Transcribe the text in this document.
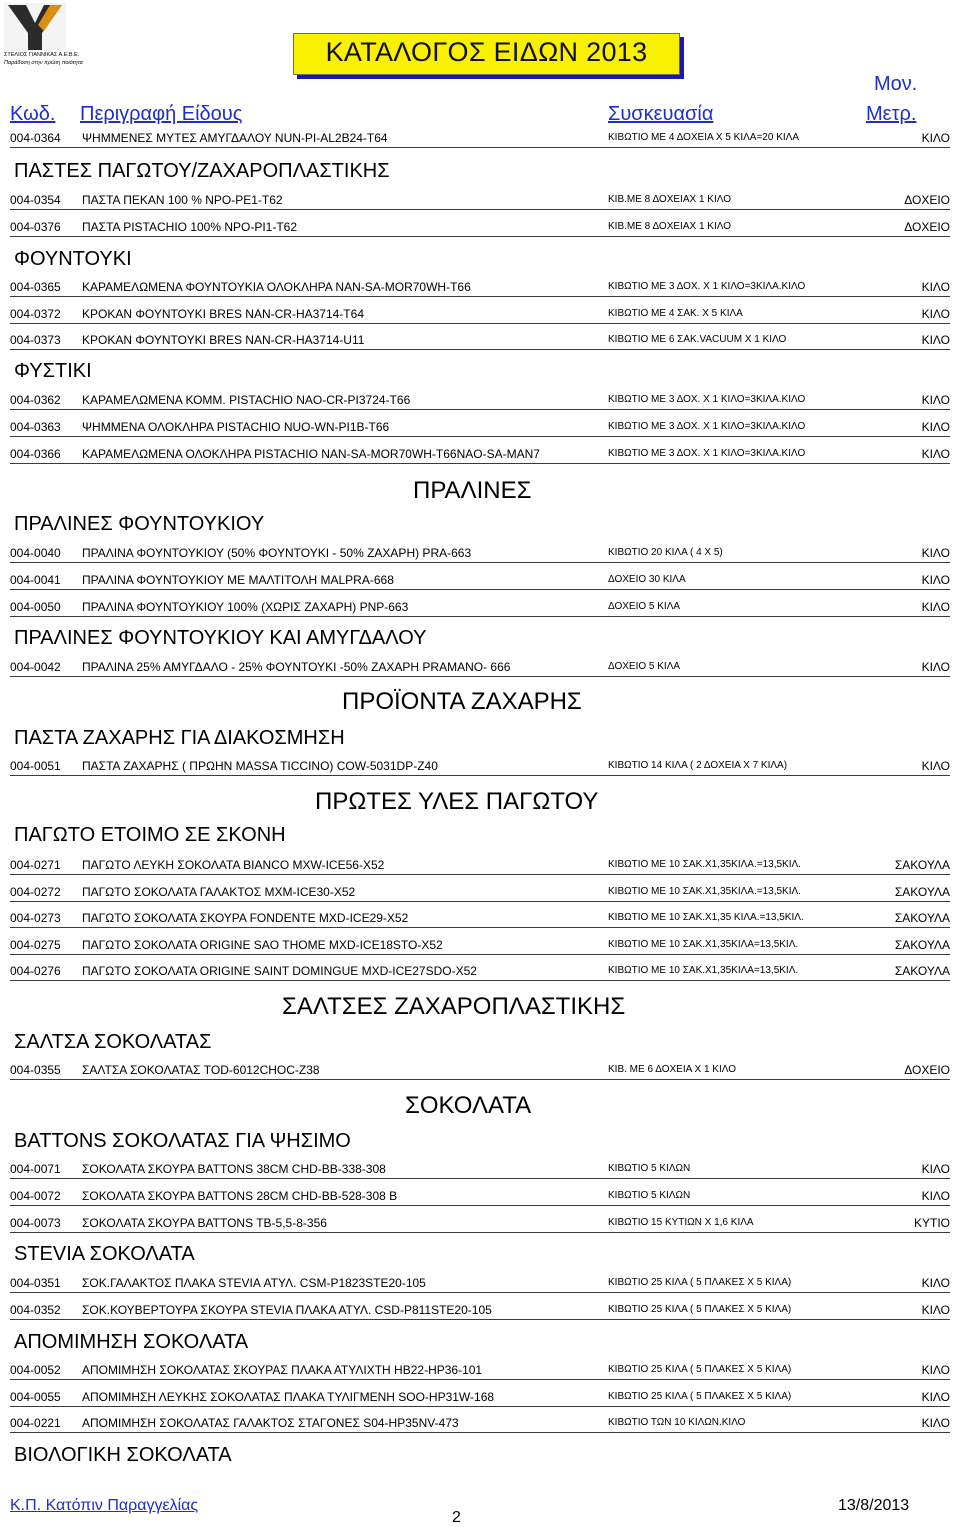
ΣΤΕΛΙΟΣ ΓΙΑΝΝΙΚΑΣ Α.Ε.Β.Ε.
Παράδοση στην πρώτη ποιότητα	ΚΑΤΑΛΟΓΟΣ ΕΙΔΩΝ 2013
Κωδ. Περιγραφή Είδους	Συσκευασία
Μον.
Μετρ.
ΠΑΣΤΕΣ ΠΑΓΩΤΟΥ/ΖΑΧΑΡΟΠΛΑΣΤΙΚΗΣ
ΦΟΥΝΤΟΥΚΙ
ΦΥΣΤΙΚΙ
ΠΡΑΛΙΝΕΣ ΦΟΥΝΤΟΥΚΙΟΥ
ΠΡΑΛΙΝΕΣ ΦΟΥΝΤΟΥΚΙΟΥ ΚΑΙ ΑΜΥΓΔΑΛΟΥ
ΠΑΣΤΑ ΖΑΧΑΡΗΣ ΓΙΑ ΔΙΑΚΟΣΜΗΣΗ
ΠΑΓΩΤΟ ΕΤΟΙΜΟ ΣΕ ΣΚΟΝΗ
ΣΑΛΤΣΑ ΣΟΚΟΛΑΤΑΣ
BATTONS ΣΟΚΟΛΑΤΑΣ ΓΙΑ ΨΗΣΙΜΟ
STEVIA ΣΟΚΟΛΑΤΑ
ΑΠΟΜΙΜΗΣΗ ΣΟΚΟΛΑΤΑ
ΒΙΟΛΟΓΙΚΗ ΣΟΚΟΛΑΤΑ
ΠΡΑΛΙΝΕΣ
ΠΡΟΪΟΝΤΑ ΖΑΧΑΡΗΣ
ΠΡΩΤΕΣ ΥΛΕΣ ΠΑΓΩΤΟΥ
ΣΑΛΤΣΕΣ ΖΑΧΑΡΟΠΛΑΣΤΙΚΗΣ
ΣΟΚΟΛΑΤΑ
004-0364 ΨΗΜΜΕΝΕΣ ΜΥΤΕΣ ΑΜΥΓΔΑΛΟΥ NUN-PI-AL2B24-T64	ΚΙΒΩΤΙΟ ΜΕ 4 ΔΟΧΕΙΑ Χ 5 ΚΙΛΑ=20 ΚΙΛΑ	ΚΙΛΟ
004-0354 ΠΑΣΤΑ ΠΕΚΑΝ 100 % NPO-PE1-T62	ΚΙΒ.ΜΕ 8 ΔΟΧΕΙΑΧ 1 ΚΙΛΟ	ΔΟΧΕΙΟ
004-0376 ΠΑΣΤΑ PISTACHIO 100% NPO-PI1-T62	ΚΙΒ.ΜΕ 8 ΔΟΧΕΙΑΧ 1 ΚΙΛΟ	ΔΟΧΕΙΟ
004-0365 ΚΑΡΑΜΕΛΩΜΕΝΑ ΦΟΥΝΤΟΥΚΙΑ ΟΛΟΚΛΗΡΑ NAN-SA-MOR70WH-T66	ΚΙΒΩΤΙΟ ΜΕ 3 ΔΟΧ. Χ 1 ΚΙΛΟ=3ΚΙΛΑ.ΚΙΛΟ	ΚΙΛΟ
004-0372 ΚΡΟΚΑΝ ΦΟΥΝΤΟΥΚΙ BRES NAN-CR-HA3714-T64	ΚΙΒΩΤΙΟ ΜΕ 4 ΣΑΚ. Χ 5 ΚΙΛΑ	ΚΙΛΟ
004-0373 ΚΡΟΚΑΝ ΦΟΥΝΤΟΥΚΙ BRES NAN-CR-HA3714-U11	ΚΙΒΩΤΙΟ ΜΕ 6 ΣΑΚ.VACUUM Χ 1 ΚΙΛΟ	ΚΙΛΟ
004-0362 ΚΑΡΑΜΕΛΩΜΕΝΑ ΚΟΜΜ. PISTACHIO NAO-CR-PI3724-T66	ΚΙΒΩΤΙΟ ΜΕ 3 ΔΟΧ. Χ 1 ΚΙΛΟ=3ΚΙΛΑ.ΚΙΛΟ	ΚΙΛΟ
004-0363 ΨΗΜΜΕΝΑ ΟΛΟΚΛΗΡΑ PISTACHIO NUO-WN-PI1B-T66	ΚΙΒΩΤΙΟ ΜΕ 3 ΔΟΧ. Χ 1 ΚΙΛΟ=3ΚΙΛΑ.ΚΙΛΟ	ΚΙΛΟ
004-0366 ΚΑΡΑΜΕΛΩΜΕΝΑ ΟΛΟΚΛΗΡΑ PISTACHIO NAN-SA-MOR70WH-T66NAO-SA-MAN7	ΚΙΒΩΤΙΟ ΜΕ 3 ΔΟΧ. Χ 1 ΚΙΛΟ=3ΚΙΛΑ.ΚΙΛΟ	ΚΙΛΟ
004-0040 ΠΡΑΛΙΝΑ ΦΟΥΝΤΟΥΚΙΟΥ (50% ΦΟΥΝΤΟΥΚΙ - 50% ΖΑΧΑΡΗ) PRA-663	ΚΙΒΩΤΙΟ 20 ΚΙΛΑ ( 4 Χ 5)	ΚΙΛΟ
004-0041 ΠΡΑΛΙΝΑ ΦΟΥΝΤΟΥΚΙΟΥ ΜΕ ΜΑΛΤΙΤΟΛΗ MALPRA-668	ΔΟΧΕΙΟ 30 ΚΙΛΑ	ΚΙΛΟ
004-0050 ΠΡΑΛΙΝΑ ΦΟΥΝΤΟΥΚΙΟΥ 100% (ΧΩΡΙΣ ΖΑΧΑΡΗ) PNP-663	ΔΟΧΕΙΟ 5 ΚΙΛΑ	ΚΙΛΟ
004-0042 ΠΡΑΛΙΝΑ 25% ΑΜΥΓΔΑΛΟ - 25% ΦΟΥΝΤΟΥΚΙ -50% ΖΑΧΑΡΗ PRAMANO- 666	ΔΟΧΕΙΟ 5 ΚΙΛΑ	ΚΙΛΟ
004-0051 ΠΑΣΤΑ ΖΑΧΑΡΗΣ ( ΠΡΩΗΝ MASSA TICCINO) COW-5031DP-Z40	ΚΙΒΩΤΙΟ 14 ΚΙΛΑ ( 2 ΔΟΧΕΙΑ Χ 7 ΚΙΛΑ)	ΚΙΛΟ
004-0271 ΠΑΓΩΤΟ ΛΕΥΚΗ ΣΟΚΟΛΑΤΑ BIANCO MXW-ICE56-X52	ΚΙΒΩΤΙΟ ΜΕ 10 ΣΑΚ.Χ1,35ΚΙΛΑ.=13,5ΚΙΛ.	ΣΑΚΟΥΛΑ
004-0272 ΠΑΓΩΤΟ ΣΟΚΟΛΑΤΑ ΓΑΛΑΚΤΟΣ MXM-ICE30-X52	ΚΙΒΩΤΙΟ ΜΕ 10 ΣΑΚ.Χ1,35ΚΙΛΑ.=13,5ΚΙΛ.	ΣΑΚΟΥΛΑ
004-0273 ΠΑΓΩΤΟ ΣΟΚΟΛΑΤΑ ΣΚΟΥΡΑ FONDENTE MXD-ICE29-X52	ΚΙΒΩΤΙΟ ΜΕ 10 ΣΑΚ.Χ1,35 ΚΙΛΑ.=13,5ΚΙΛ.	ΣΑΚΟΥΛΑ
004-0275 ΠΑΓΩΤΟ ΣΟΚΟΛΑΤΑ ORIGINE SAO THOME MXD-ICE18STO-X52	ΚΙΒΩΤΙΟ ΜΕ 10 ΣΑΚ.Χ1,35ΚΙΛΑ=13,5ΚΙΛ.	ΣΑΚΟΥΛΑ
004-0276 ΠΑΓΩΤΟ ΣΟΚΟΛΑΤΑ ORIGINE SAINT DOMINGUE MXD-ICE27SDO-X52	ΚΙΒΩΤΙΟ ΜΕ 10 ΣΑΚ.Χ1,35ΚΙΛΑ=13,5ΚΙΛ.	ΣΑΚΟΥΛΑ
004-0355 ΣΑΛΤΣΑ ΣΟΚΟΛΑΤΑΣ TOD-6012CHOC-Z38	ΚΙΒ. ΜΕ 6 ΔΟΧΕΙΑ Χ 1 ΚΙΛΟ	ΔΟΧΕΙΟ
004-0071 ΣΟΚΟΛΑΤΑ ΣΚΟΥΡΑ BATTONS 38CM CHD-BB-338-308	ΚΙΒΩΤΙΟ 5 ΚΙΛΩΝ	ΚΙΛΟ
004-0072 ΣΟΚΟΛΑΤΑ ΣΚΟΥΡΑ BATTONS 28CM CHD-BB-528-308 B	ΚΙΒΩΤΙΟ 5 ΚΙΛΩΝ	ΚΙΛΟ
004-0073 ΣΟΚΟΛΑΤΑ ΣΚΟΥΡΑ BATTONS TB-5,5-8-356	ΚΙΒΩΤΙΟ 15 ΚΥΤΙΩΝ Χ 1,6 ΚΙΛΑ	ΚΥΤΙΟ
004-0351 ΣΟΚ.ΓΑΛΑΚΤΟΣ ΠΛΑΚΑ STEVIA ΑΤΥΛ. CSM-P1823STE20-105	ΚΙΒΩΤΙΟ 25 ΚΙΛΑ ( 5 ΠΛΑΚΕΣ Χ 5 ΚΙΛΑ)	ΚΙΛΟ
004-0352 ΣΟΚ.ΚΟΥΒΕΡΤΟΥΡΑ ΣΚΟΥΡΑ STEVIA ΠΛΑΚΑ ΑΤΥΛ. CSD-P811STE20-105	ΚΙΒΩΤΙΟ 25 ΚΙΛΑ ( 5 ΠΛΑΚΕΣ Χ 5 ΚΙΛΑ)	ΚΙΛΟ
004-0052 ΑΠΟΜΙΜΗΣΗ ΣΟΚΟΛΑΤΑΣ ΣΚΟΥΡΑΣ ΠΛΑΚΑ ΑΤΥΛΙΧΤΗ HB22-HP36-101	ΚΙΒΩΤΙΟ 25 ΚΙΛΑ ( 5 ΠΛΑΚΕΣ Χ 5 ΚΙΛΑ)	ΚΙΛΟ
004-0055 ΑΠΟΜΙΜΗΣΗ ΛΕΥΚΗΣ ΣΟΚΟΛΑΤΑΣ ΠΛΑΚΑ ΤΥΛΙΓΜΕΝΗ SOO-HP31W-168	ΚΙΒΩΤΙΟ 25 ΚΙΛΑ ( 5 ΠΛΑΚΕΣ Χ 5 ΚΙΛΑ)	ΚΙΛΟ
004-0221 ΑΠΟΜΙΜΗΣΗ ΣΟΚΟΛΑΤΑΣ ΓΑΛΑΚΤΟΣ ΣΤΑΓΟΝΕΣ S04-HP35NV-473	ΚΙΒΩΤΙΟ ΤΩΝ 10 ΚΙΛΩΝ.ΚΙΛΟ	ΚΙΛΟ
Κ.Π. Κατόπιν Παραγγελίας
2
13/8/2013
